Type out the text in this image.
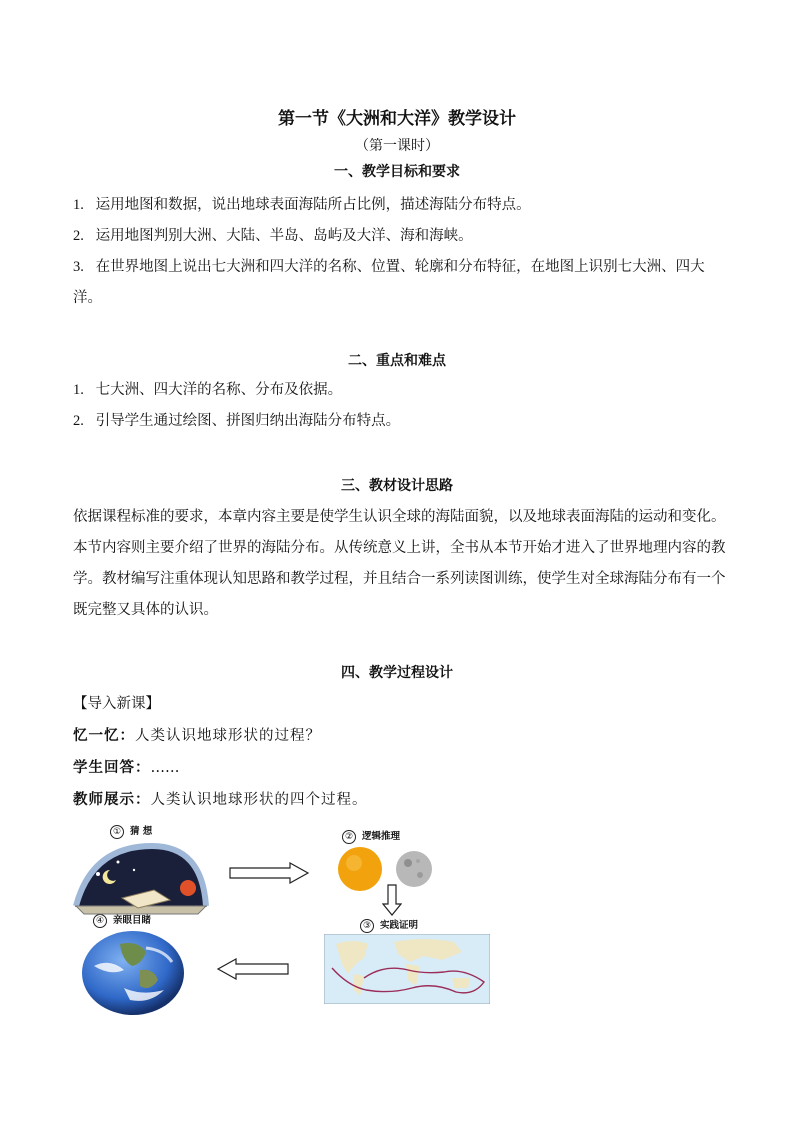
第一节《大洲和大洋》教学设计
（第一课时）
一、教学目标和要求
1. 运用地图和数据，说出地球表面海陆所占比例，描述海陆分布特点。
2. 运用地图判别大洲、大陆、半岛、岛屿及大洋、海和海峡。
3. 在世界地图上说出七大洲和四大洋的名称、位置、轮廓和分布特征，在地图上识别七大洲、四大洋。
二、重点和难点
1. 七大洲、四大洋的名称、分布及依据。
2. 引导学生通过绘图、拼图归纳出海陆分布特点。
三、教材设计思路
依据课程标准的要求，本章内容主要是使学生认识全球的海陆面貌，以及地球表面海陆的运动和变化。本节内容则主要介绍了世界的海陆分布。从传统意义上讲，全书从本节开始才进入了世界地理内容的教学。教材编写注重体现认知思路和教学过程，并且结合一系列读图训练，使学生对全球海陆分布有一个既完整又具体的认识。
四、教学过程设计
【导入新课】
忆一忆：人类认识地球形状的过程？
学生回答：……
教师展示：人类认识地球形状的四个过程。
① 猜 想	② 逻辑推理
③ 实践证明
④ 亲眼目睹
